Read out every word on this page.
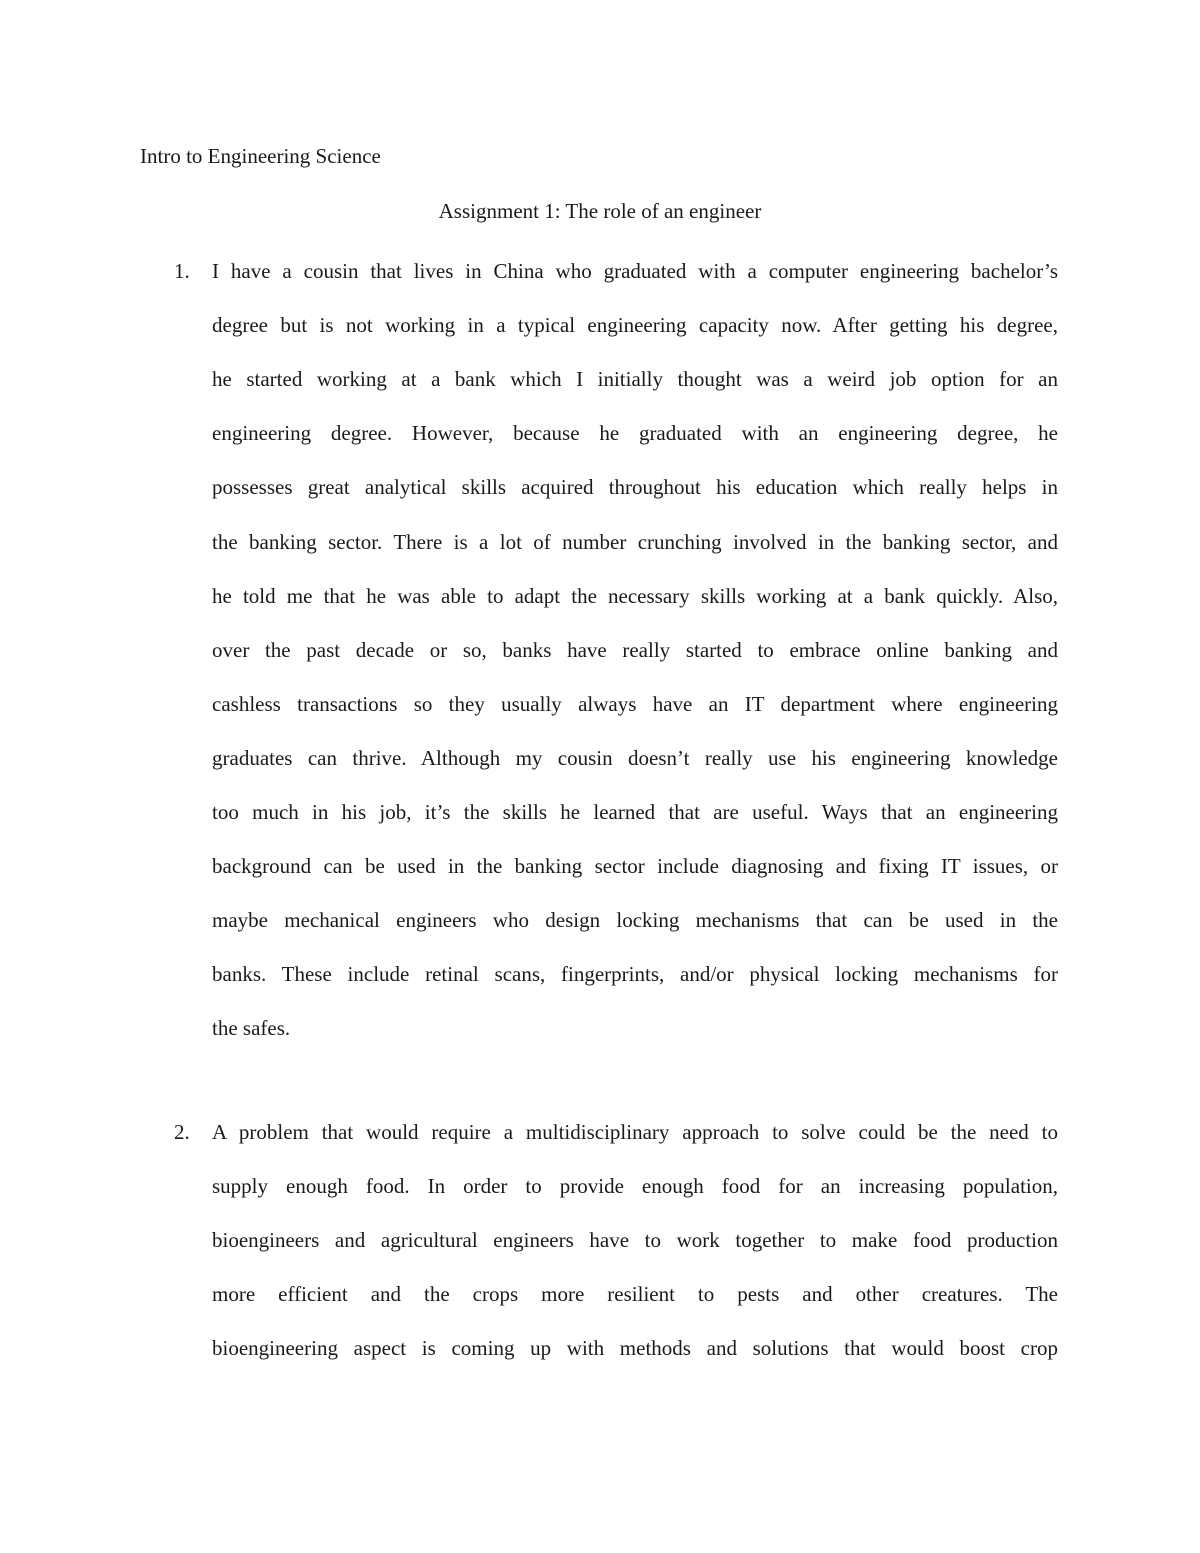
Intro to Engineering Science
Assignment 1: The role of an engineer
1. I have a cousin that lives in China who graduated with a computer engineering bachelor’s
degree but is not working in a typical engineering capacity now. After getting his degree,
he started working at a bank which I initially thought was a weird job option for an
engineering degree. However, because he graduated with an engineering degree, he
possesses great analytical skills acquired throughout his education which really helps in
the banking sector. There is a lot of number crunching involved in the banking sector, and
he told me that he was able to adapt the necessary skills working at a bank quickly. Also,
over the past decade or so, banks have really started to embrace online banking and
cashless transactions so they usually always have an IT department where engineering
graduates can thrive. Although my cousin doesn’t really use his engineering knowledge
too much in his job, it’s the skills he learned that are useful. Ways that an engineering
background can be used in the banking sector include diagnosing and fixing IT issues, or
maybe mechanical engineers who design locking mechanisms that can be used in the
banks. These include retinal scans, fingerprints, and/or physical locking mechanisms for
the safes.
2. A problem that would require a multidisciplinary approach to solve could be the need to
supply enough food. In order to provide enough food for an increasing population,
bioengineers and agricultural engineers have to work together to make food production
more efficient and the crops more resilient to pests and other creatures. The
bioengineering aspect is coming up with methods and solutions that would boost crop
